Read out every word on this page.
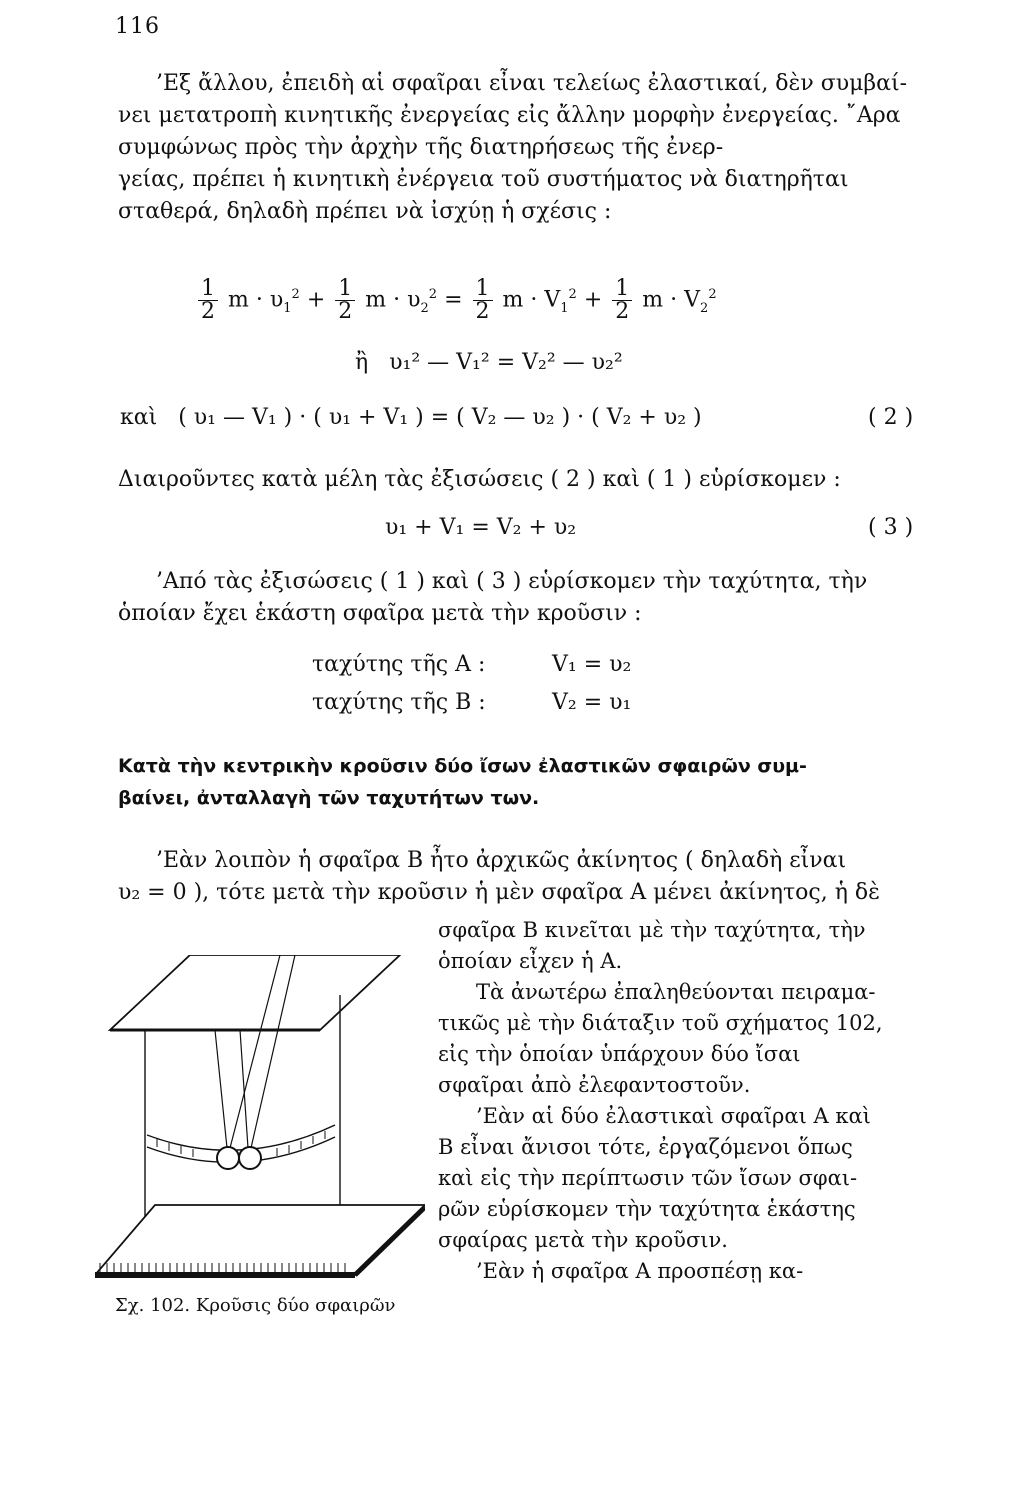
116
’Εξ ἄλλου, ἐπειδὴ αἱ σφαῖραι εἶναι τελείως ἐλαστικαί, δὲν συμβαί-
νει μετατροπὴ κινητικῆς ἐνεργείας εἰς ἄλλην μορφὴν ἐνεργείας. ῎Αρα
συμφώνως πρὸς τὴν ἀρχὴν τῆς διατηρήσεως τῆς ἐνερ-
γείας, πρέπει ἡ κινητικὴ ἐνέργεια τοῦ συστήματος νὰ διατηρῆται
σταθερά, δηλαδὴ πρέπει νὰ ἰσχύῃ ἡ σχέσις :
$\frac{1}{2}$ $m \cdot \upsilon_1^2 + \frac{1}{2}$ $m \cdot \upsilon_2^2 = \frac{1}{2}$ $m \cdot V_1^2 + \frac{1}{2}$ $m \cdot V_2^2$
ἢ υ₁² — V₁² = V₂² — υ₂²
καὶ ( υ₁ — V₁ ) · ( υ₁ + V₁ ) = ( V₂ — υ₂ ) · ( V₂ + υ₂ )	( 2 )
Διαιροῦντες κατὰ μέλη τὰς ἐξισώσεις ( 2 ) καὶ ( 1 ) εὑρίσκομεν :
υ₁ + V₁ = V₂ + υ₂	( 3 )
’Από τὰς ἐξισώσεις ( 1 ) καὶ ( 3 ) εὑρίσκομεν τὴν ταχύτητα, τὴν
ὁποίαν ἔχει ἑκάστη σφαῖρα μετὰ τὴν κροῦσιν :
ταχύτης τῆς Α :	V₁ = υ₂
ταχύτης τῆς Β :	V₂ = υ₁
Κατὰ τὴν κεντρικὴν κροῦσιν δύο ἴσων ἐλαστικῶν σφαιρῶν συμ-
βαίνει, ἀνταλλαγὴ τῶν ταχυτήτων των.
’Εὰν λοιπὸν ἡ σφαῖρα Β ἦτο ἀρχικῶς ἀκίνητος ( δηλαδὴ εἶναι
υ₂ = 0 ), τότε μετὰ τὴν κροῦσιν ἡ μὲν σφαῖρα Α μένει ἀκίνητος, ἡ δὲ
σφαῖρα Β κινεῖται μὲ τὴν ταχύτητα, τὴν
ὁποίαν εἶχεν ἡ Α.
Τὰ ἀνωτέρω ἐπαληθεύονται πειραμα-
τικῶς μὲ τὴν διάταξιν τοῦ σχήματος 102,
εἰς τὴν ὁποίαν ὑπάρχουν δύο ἴσαι
σφαῖραι ἀπὸ ἐλεφαντοστοῦν.
’Εὰν αἱ δύο ἐλαστικαὶ σφαῖραι Α καὶ
Β εἶναι ἄνισοι τότε, ἐργαζόμενοι ὅπως
καὶ εἰς τὴν περίπτωσιν τῶν ἴσων σφαι-
ρῶν εὑρίσκομεν τὴν ταχύτητα ἑκάστης
σφαίρας μετὰ τὴν κροῦσιν.
’Εὰν ἡ σφαῖρα Α προσπέσῃ κα-
Σχ. 102. Κροῦσις δύο σφαιρῶν
